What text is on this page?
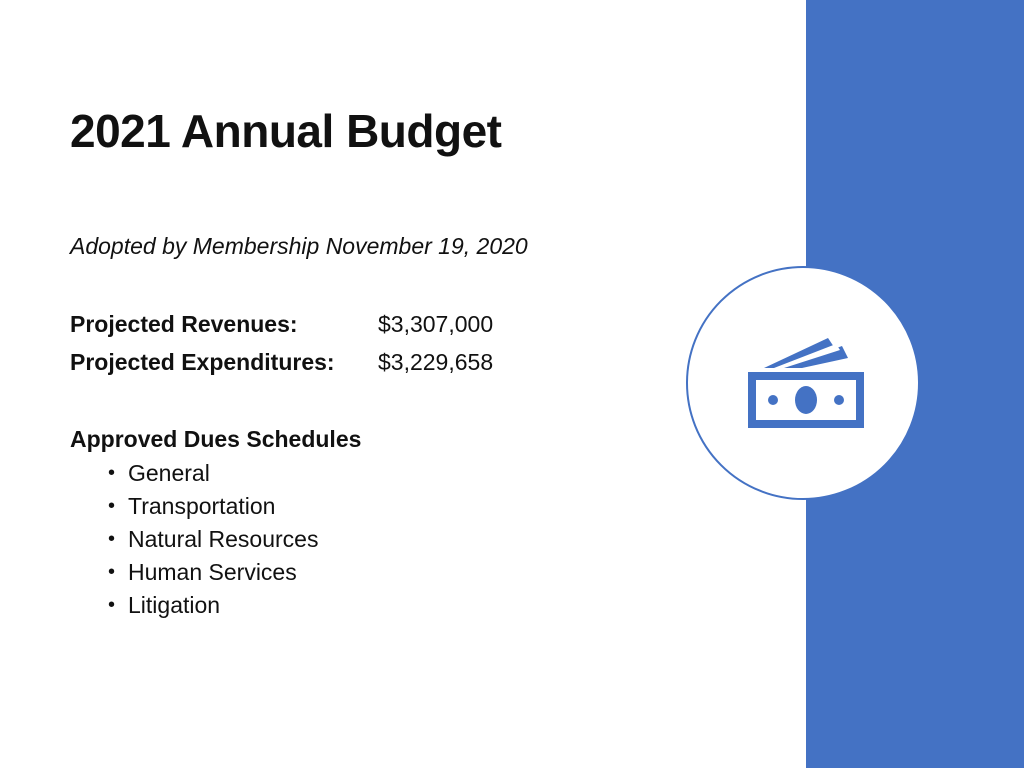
2021 Annual Budget
Adopted by Membership November 19, 2020
Projected Revenues:	$3,307,000
Projected Expenditures: $3,229,658
Approved Dues Schedules
• General
• Transportation
• Natural Resources
• Human Services
• Litigation
